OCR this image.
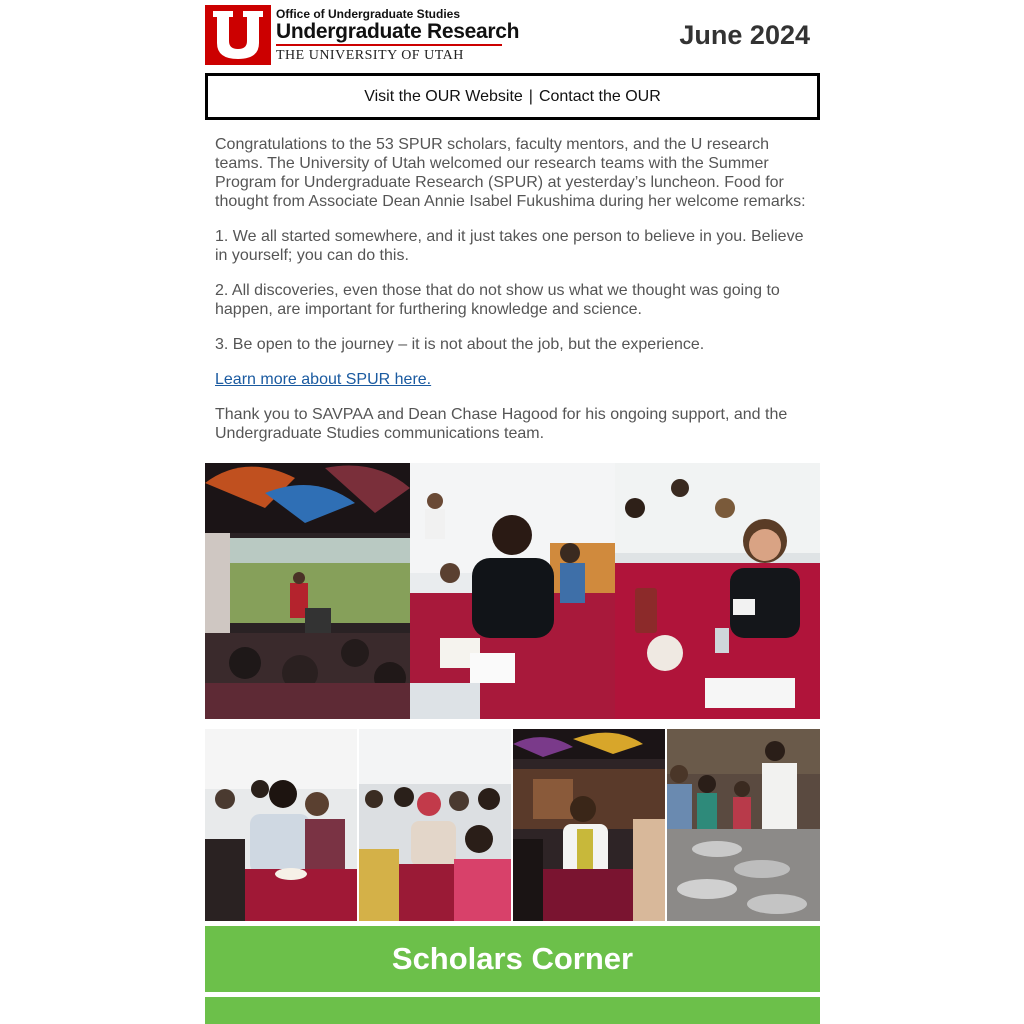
®
Office of Undergraduate Studies
Undergraduate Research
THE UNIVERSITY OF UTAH
June 2024
Visit the OUR Website | Contact the OUR

Congratulations to the 53 SPUR scholars, faculty mentors, and the U research teams. The University of Utah welcomed our research teams with the Summer Program for Undergraduate Research (SPUR) at yesterday’s luncheon. Food for thought from Associate Dean Annie Isabel Fukushima during her welcome remarks:

1. We all started somewhere, and it just takes one person to believe in you. Believe in yourself; you can do this.

2. All discoveries, even those that do not show us what we thought was going to happen, are important for furthering knowledge and science.

3. Be open to the journey – it is not about the job, but the experience.

Learn more about SPUR here.

Thank you to SAVPAA and Dean Chase Hagood for his ongoing support, and the Undergraduate Studies communications team.

Scholars Corner
